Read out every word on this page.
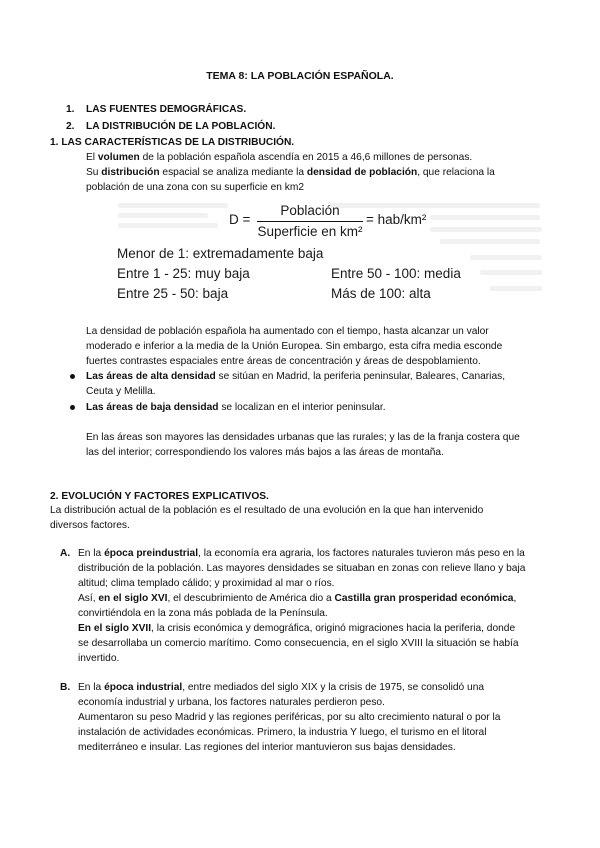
TEMA 8: LA POBLACIÓN ESPAÑOLA.
1. LAS FUENTES DEMOGRÁFICAS.
2. LA DISTRIBUCIÓN DE LA POBLACIÓN.
1. LAS CARACTERÍSTICAS DE LA DISTRIBUCIÓN.
El volumen de la población española ascendía en 2015 a 46,6 millones de personas.
Su distribución espacial se analiza mediante la densidad de población, que relaciona la
población de una zona con su superficie en km2
D =
Población
Superficie en km²
= hab/km²
Menor de 1: extremadamente baja
Entre 1 - 25: muy baja	Entre 50 - 100: media
Entre 25 - 50: baja	Más de 100: alta
La densidad de población española ha aumentado con el tiempo, hasta alcanzar un valor
moderado e inferior a la media de la Unión Europea. Sin embargo, esta cifra media esconde
fuertes contrastes espaciales entre áreas de concentración y áreas de despoblamiento.
Las áreas de alta densidad se sitúan en Madrid, la periferia peninsular, Baleares, Canarias,
Ceuta y Melilla.
Las áreas de baja densidad se localizan en el interior peninsular.
En las áreas son mayores las densidades urbanas que las rurales; y las de la franja costera que
las del interior; correspondiendo los valores más bajos a las áreas de montaña.
2. EVOLUCIÓN Y FACTORES EXPLICATIVOS.
La distribución actual de la población es el resultado de una evolución en la que han intervenido
diversos factores.
A. En la época preindustrial, la economía era agraria, los factores naturales tuvieron más peso en la
distribución de la población. Las mayores densidades se situaban en zonas con relieve llano y baja
altitud; clima templado cálido; y proximidad al mar o ríos.
Así, en el siglo XVI, el descubrimiento de América dio a Castilla gran prosperidad económica,
convirtiéndola en la zona más poblada de la Península.
En el siglo XVII, la crisis económica y demográfica, originó migraciones hacia la periferia, donde
se desarrollaba un comercio marítimo. Como consecuencia, en el siglo XVIII la situación se había
invertido.
B. En la época industrial, entre mediados del siglo XIX y la crisis de 1975, se consolidó una
economía industrial y urbana, los factores naturales perdieron peso.
Aumentaron su peso Madrid y las regiones periféricas, por su alto crecimiento natural o por la
instalación de actividades económicas. Primero, la industria Y luego, el turismo en el litoral
mediterráneo e insular. Las regiones del interior mantuvieron sus bajas densidades.
